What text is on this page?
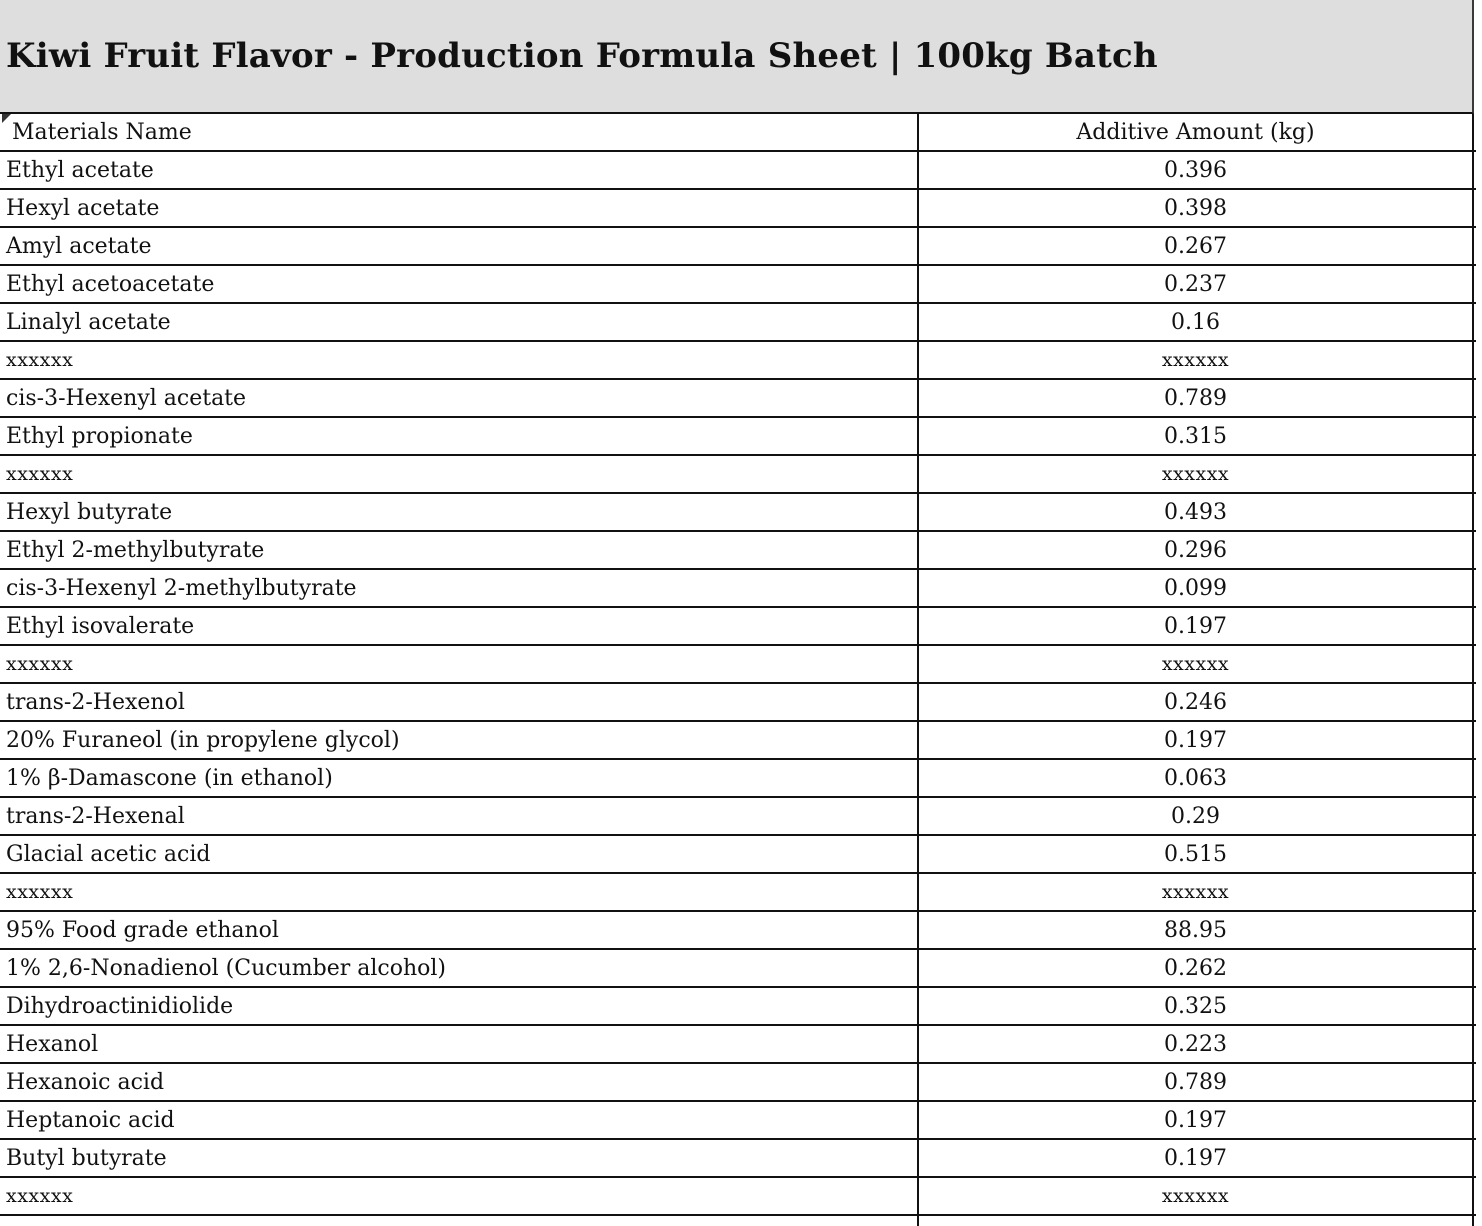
Kiwi Fruit Flavor - Production Formula Sheet | 100kg Batch
Materials Name	Additive Amount (kg)
Ethyl acetate	0.396
Hexyl acetate	0.398
Amyl acetate	0.267
Ethyl acetoacetate	0.237
Linalyl acetate	0.16
xxxxxx	xxxxxx
cis-3-Hexenyl acetate	0.789
Ethyl propionate	0.315
xxxxxx	xxxxxx
Hexyl butyrate	0.493
Ethyl 2-methylbutyrate	0.296
cis-3-Hexenyl 2-methylbutyrate	0.099
Ethyl isovalerate	0.197
xxxxxx	xxxxxx
trans-2-Hexenol	0.246
20% Furaneol (in propylene glycol)	0.197
1% β-Damascone (in ethanol)	0.063
trans-2-Hexenal	0.29
Glacial acetic acid	0.515
xxxxxx	xxxxxx
95% Food grade ethanol	88.95
1% 2,6-Nonadienol (Cucumber alcohol)	0.262
Dihydroactinidiolide	0.325
Hexanol	0.223
Hexanoic acid	0.789
Heptanoic acid	0.197
Butyl butyrate	0.197
xxxxxx	xxxxxx
